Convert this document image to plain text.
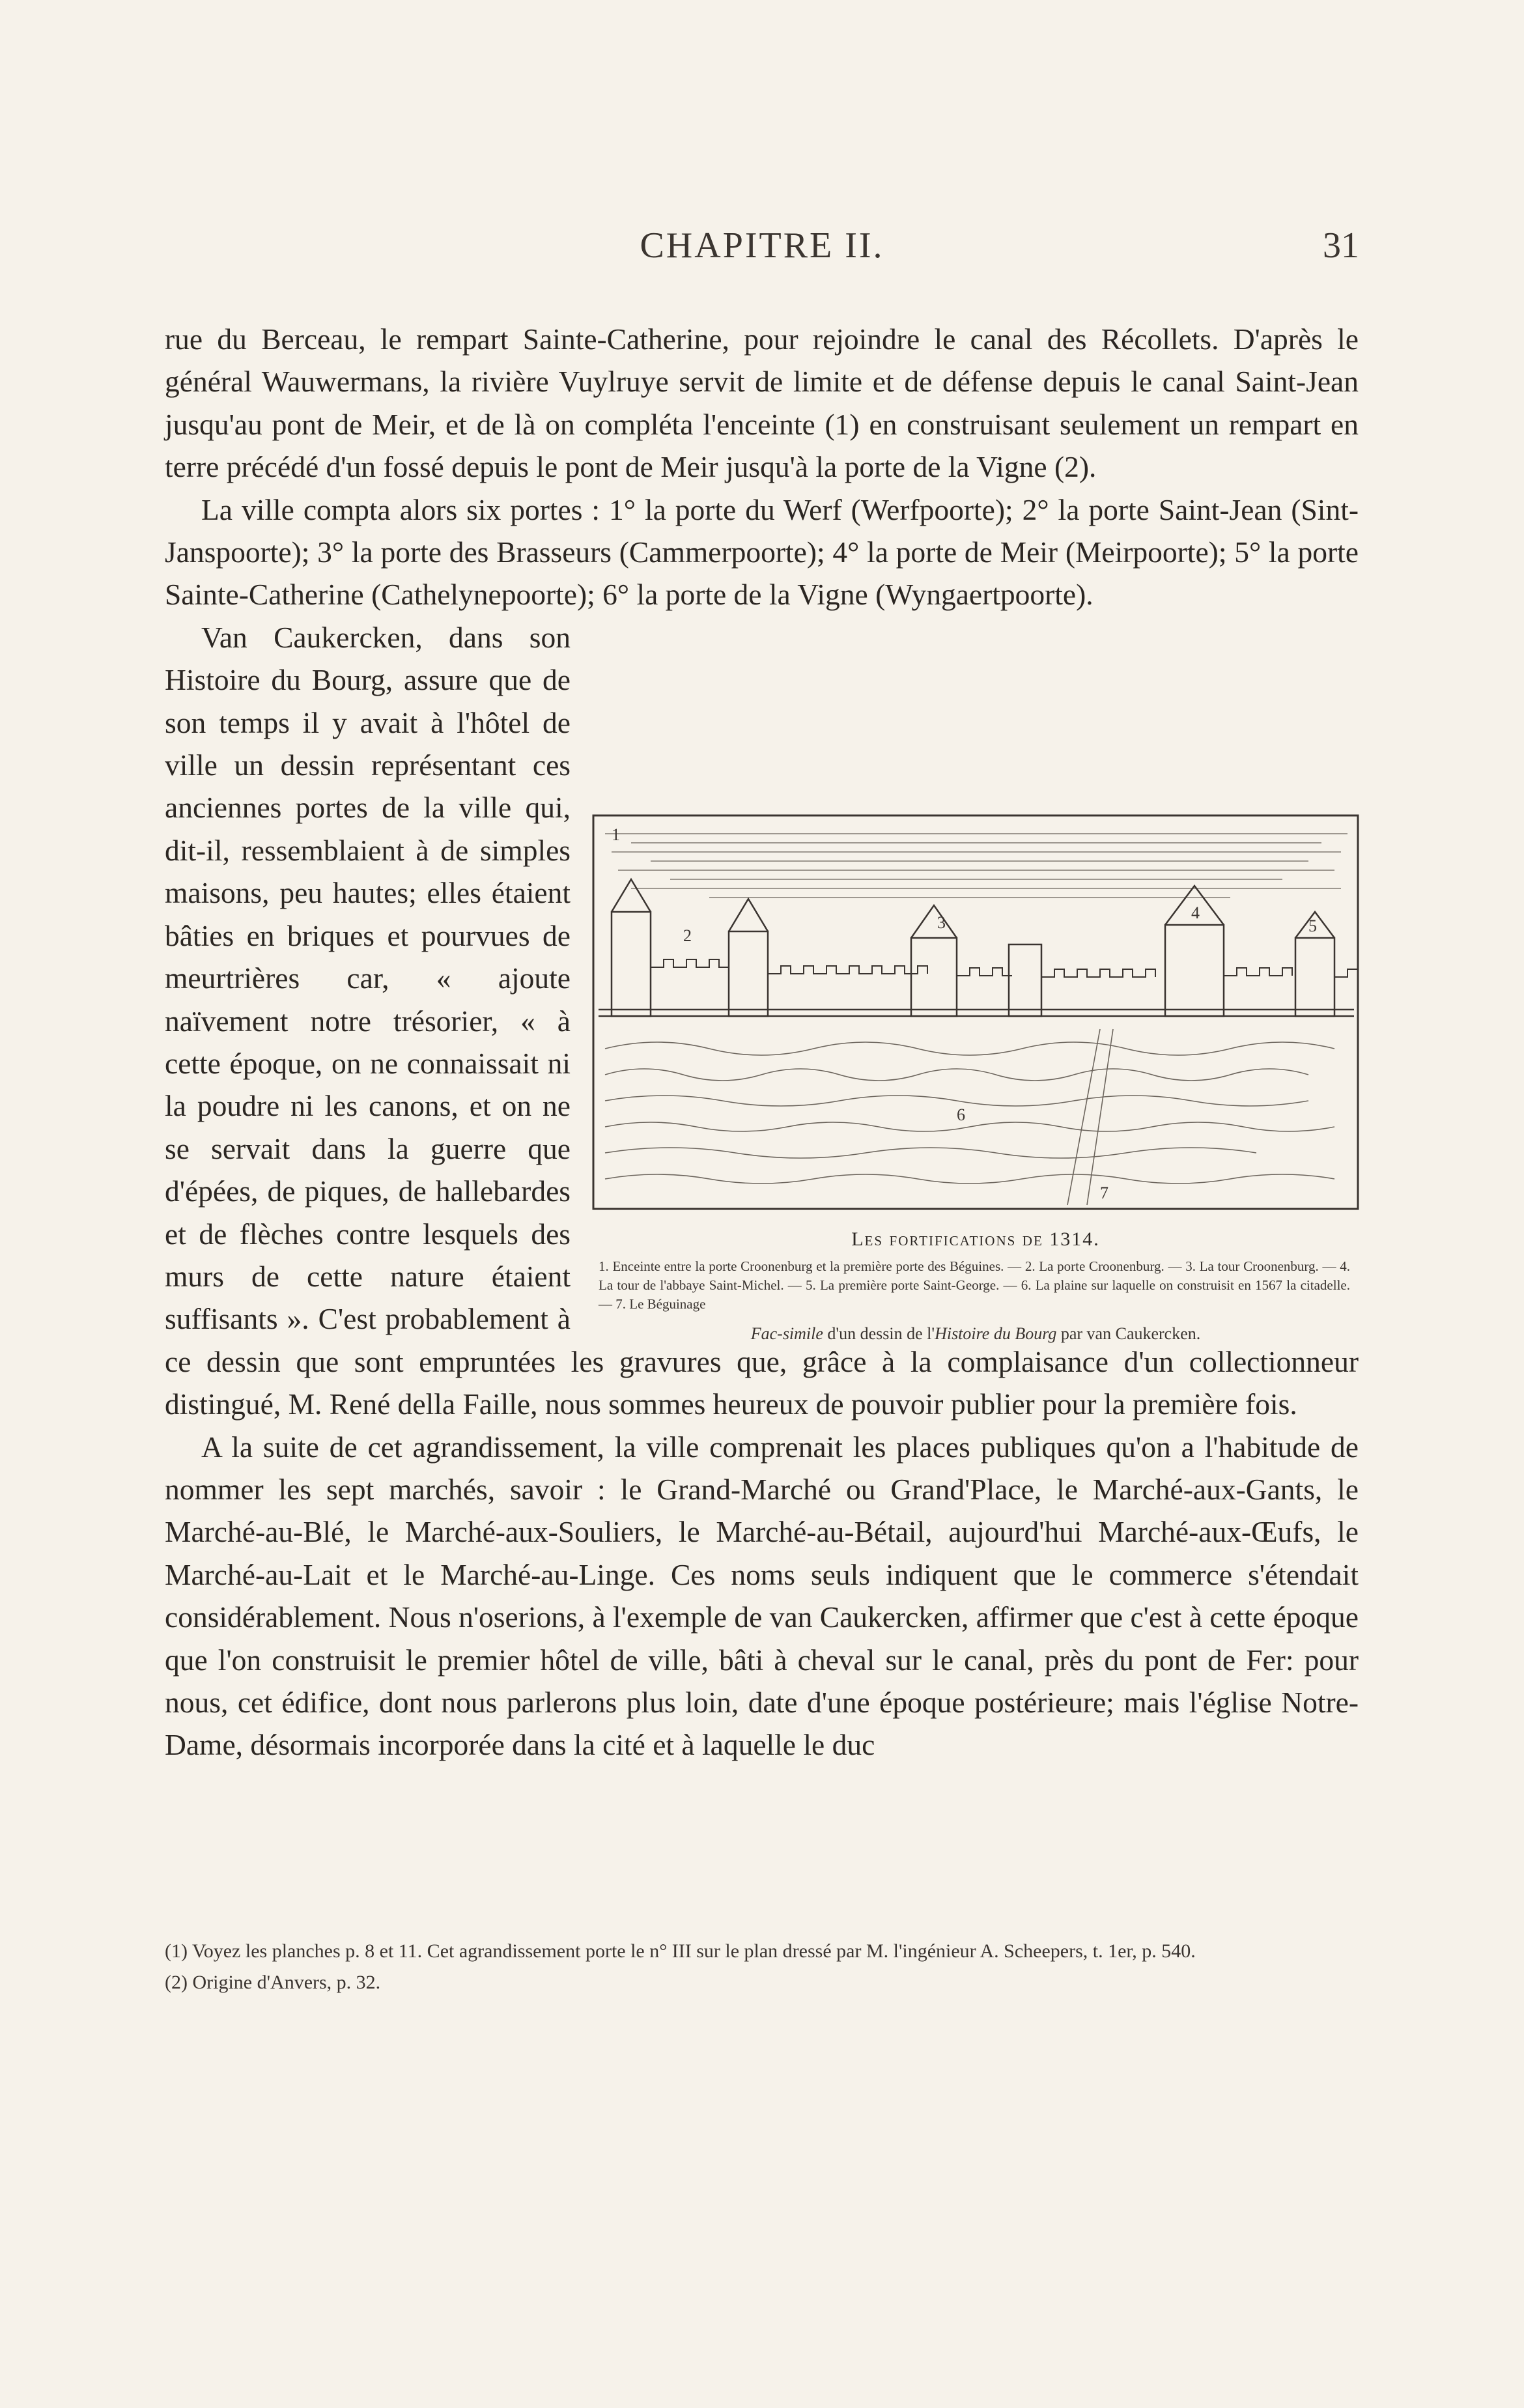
CHAPITRE II.	31
1
2
3
4
5
6
7
Les fortifications de 1314.
1. Enceinte entre la porte Croonenburg et la première porte des Béguines. — 2. La porte Croonenburg. — 3. La tour Croonenburg. — 4. La tour de l'abbaye Saint-Michel. — 5. La première porte Saint-George. — 6. La plaine sur laquelle on construisit en 1567 la citadelle. — 7. Le Béguinage
Fac-simile d'un dessin de l'Histoire du Bourg par van Caukercken.

rue du Berceau, le rempart Sainte-Catherine, pour rejoindre le canal des Récollets. D'après le général Wauwermans, la rivière Vuylruye servit de limite et de défense depuis le canal Saint-Jean jusqu'au pont de Meir, et de là on compléta l'enceinte (1) en construisant seulement un rempart en terre précédé d'un fossé depuis le pont de Meir jusqu'à la porte de la Vigne (2).

La ville compta alors six portes : 1° la porte du Werf (Werfpoorte); 2° la porte Saint-Jean (Sint-Janspoorte); 3° la porte des Brasseurs (Cammerpoorte); 4° la porte de Meir (Meirpoorte); 5° la porte Sainte-Catherine (Cathelynepoorte); 6° la porte de la Vigne (Wyngaertpoorte).

Van Caukercken, dans son Histoire du Bourg, assure que de son temps il y avait à l'hôtel de ville un dessin représentant ces anciennes portes de la ville qui, dit-il, ressemblaient à de simples maisons, peu hautes; elles étaient bâties en briques et pourvues de meurtrières car, « ajoute naïvement notre trésorier, « à cette époque, on ne connaissait ni la poudre ni les canons, et on ne se servait dans la guerre que d'épées, de piques, de hallebardes et de flèches contre lesquels des murs de cette nature étaient suffisants ». C'est probablement à ce dessin que sont empruntées les gravures que, grâce à la complaisance d'un collectionneur distingué, M. René della Faille, nous sommes heureux de pouvoir publier pour la première fois.

A la suite de cet agrandissement, la ville comprenait les places publiques qu'on a l'habitude de nommer les sept marchés, savoir : le Grand-Marché ou Grand'Place, le Marché-aux-Gants, le Marché-au-Blé, le Marché-aux-Souliers, le Marché-au-Bétail, aujourd'hui Marché-aux-Œufs, le Marché-au-Lait et le Marché-au-Linge. Ces noms seuls indiquent que le commerce s'étendait considérablement. Nous n'oserions, à l'exemple de van Caukercken, affirmer que c'est à cette époque que l'on construisit le premier hôtel de ville, bâti à cheval sur le canal, près du pont de Fer: pour nous, cet édifice, dont nous parlerons plus loin, date d'une époque postérieure; mais l'église Notre-Dame, désormais incorporée dans la cité et à laquelle le duc

(1) Voyez les planches p. 8 et 11. Cet agrandissement porte le n° III sur le plan dressé par M. l'ingénieur A. Scheepers, t. 1er, p. 540.

(2) Origine d'Anvers, p. 32.
